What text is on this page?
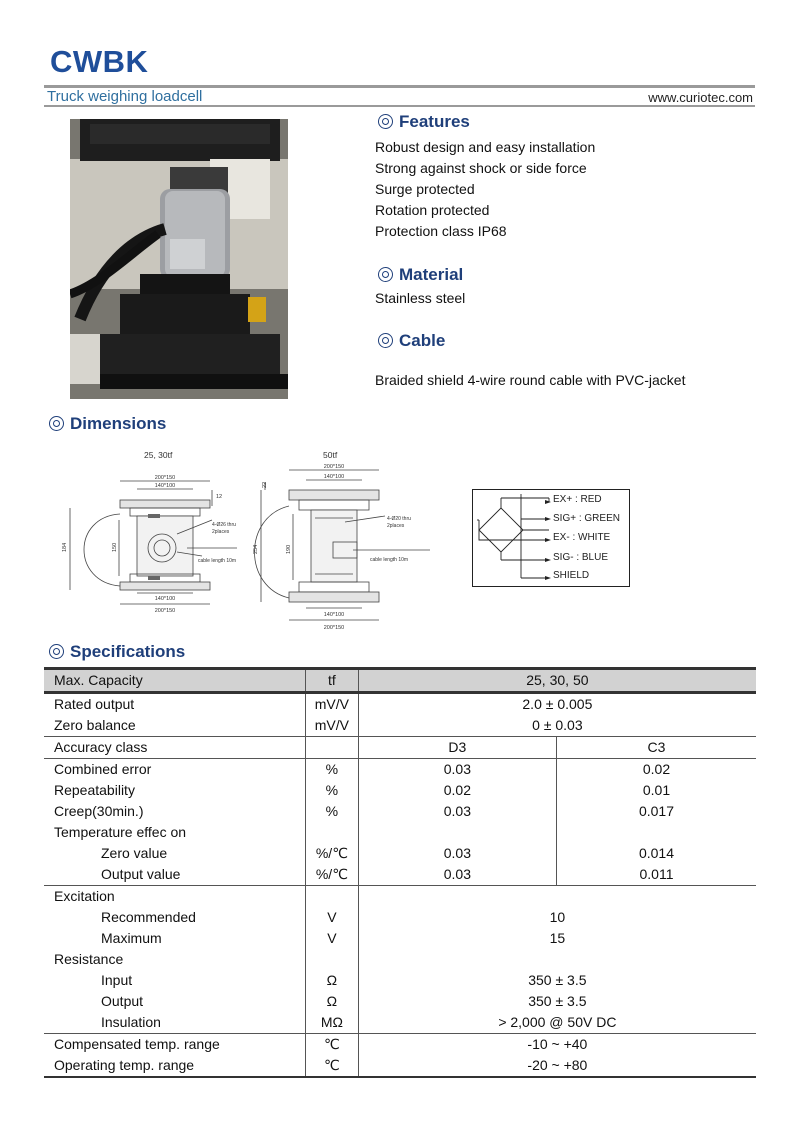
CWBK
Truck weighing loadcell	www.curiotec.com
Features
Robust design and easy installation
Strong against shock or side force
Surge protected
Rotation protected
Protection class IP68
Material
Stainless steel
Cable
Braided shield 4-wire round cable with PVC-jacket
Dimensions
25, 30tf
200*150
140*100
12
4-Ø26 thru
2places
cable length 10m
184	150
140*100
200*150
50tf
200*150
140*100
22
4-Ø20 thru
2places
cable length 10m
254	190
140*100
200*150
EX+ : RED
SIG+ : GREEN
EX- : WHITE
SIG- : BLUE
SHIELD
Specifications
Max. Capacity	tf	25, 30, 50	
Rated output	mV/V	2.0 ± 0.005	
Zero balance	mV/V	0 ± 0.03	
Accuracy class		D3	C3
Combined error	%	0.03	0.02
Repeatability	%	0.02	0.01
Creep(30min.)	%	0.03	0.017
Temperature effec on			
Zero value	%/℃	0.03	0.014
Output value	%/℃	0.03	0.011
Excitation			
Recommended	V	10	
Maximum	V	15	
Resistance			
Input	Ω	350 ± 3.5	
Output	Ω	350 ± 3.5	
Insulation	MΩ	> 2,000 @ 50V DC	
Compensated temp. range	℃	-10 ~ +40	
Operating temp. range	℃	-20 ~ +80	
